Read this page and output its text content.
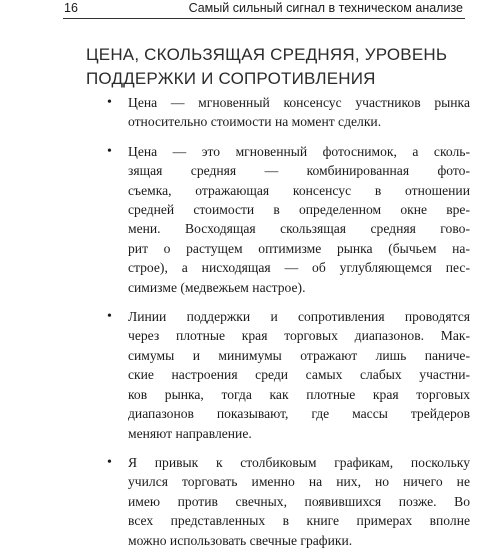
16	Самый сильный сигнал в техническом анализе
ЦЕНА, СКОЛЬЗЯЩАЯ СРЕДНЯЯ, УРОВЕНЬ
ПОДДЕРЖКИ И СОПРОТИВЛЕНИЯ
• Цена — мгновенный консенсус участников рынка
относительно стоимости на момент сделки.
• Цена — это мгновенный фотоснимок, а сколь-
зящая средняя — комбинированная фото-
съемка, отражающая консенсус в отношении
средней стоимости в определенном окне вре-
мени. Восходящая скользящая средняя гово-
рит о растущем оптимизме рынка (бычьем на-
строе), а нисходящая — об углубляющемся пес-
симизме (медвежьем настрое).
• Линии поддержки и сопротивления проводятся
через плотные края торговых диапазонов. Мак-
симумы и минимумы отражают лишь паниче-
ские настроения среди самых слабых участни-
ков рынка, тогда как плотные края торговых
диапазонов показывают, где массы трейдеров
меняют направление.
• Я привык к столбиковым графикам, поскольку
учился торговать именно на них, но ничего не
имею против свечных, появившихся позже. Во
всех представленных в книге примерах вполне
можно использовать свечные графики.
